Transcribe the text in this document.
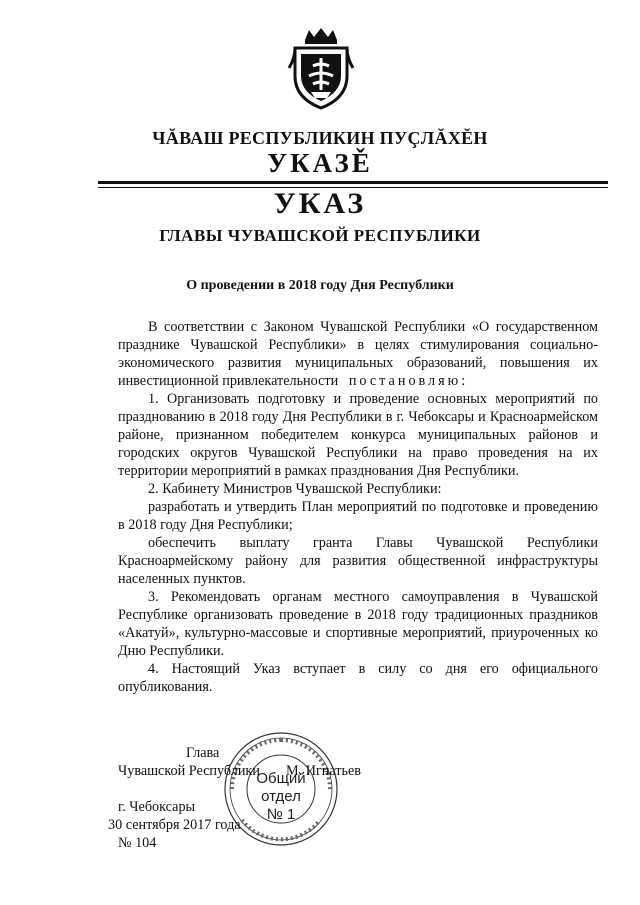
ЧĂВАШ РЕСПУБЛИКИН ПУÇЛĂХĔН
УКАЗĚ
УКАЗ
ГЛАВЫ ЧУВАШСКОЙ РЕСПУБЛИКИ
О проведении в 2018 году Дня Республики

В соответствии с Законом Чувашской Республики «О государственном празднике Чувашской Республики» в целях стимулирования социально-экономического развития муниципальных образований, повышения их инвестиционной привлекательности постановляю:

1. Организовать подготовку и проведение основных мероприятий по празднованию в 2018 году Дня Республики в г. Чебоксары и Красноармейском районе, признанном победителем конкурса муниципальных районов и городских округов Чувашской Республики на право проведения на их территории мероприятий в рамках празднования Дня Республики.

2. Кабинету Министров Чувашской Республики:

разработать и утвердить План мероприятий по подготовке и проведению в 2018 году Дня Республики;

обеспечить выплату гранта Главы Чувашской Республики Красноармейскому району для развития общественной инфраструктуры населенных пунктов.

3. Рекомендовать органам местного самоуправления в Чувашской Республике организовать проведение в 2018 году традиционных праздников «Акатуй», культурно-массовые и спортивные мероприятий, приуроченных ко Дню Республики.

4. Настоящий Указ вступает в силу со дня его официального опубликования.

Общий
отдел
№ 1
Глава
Чувашской Республики М. Игнатьев
г. Чебоксары
30 сентября 2017 года
№ 104
